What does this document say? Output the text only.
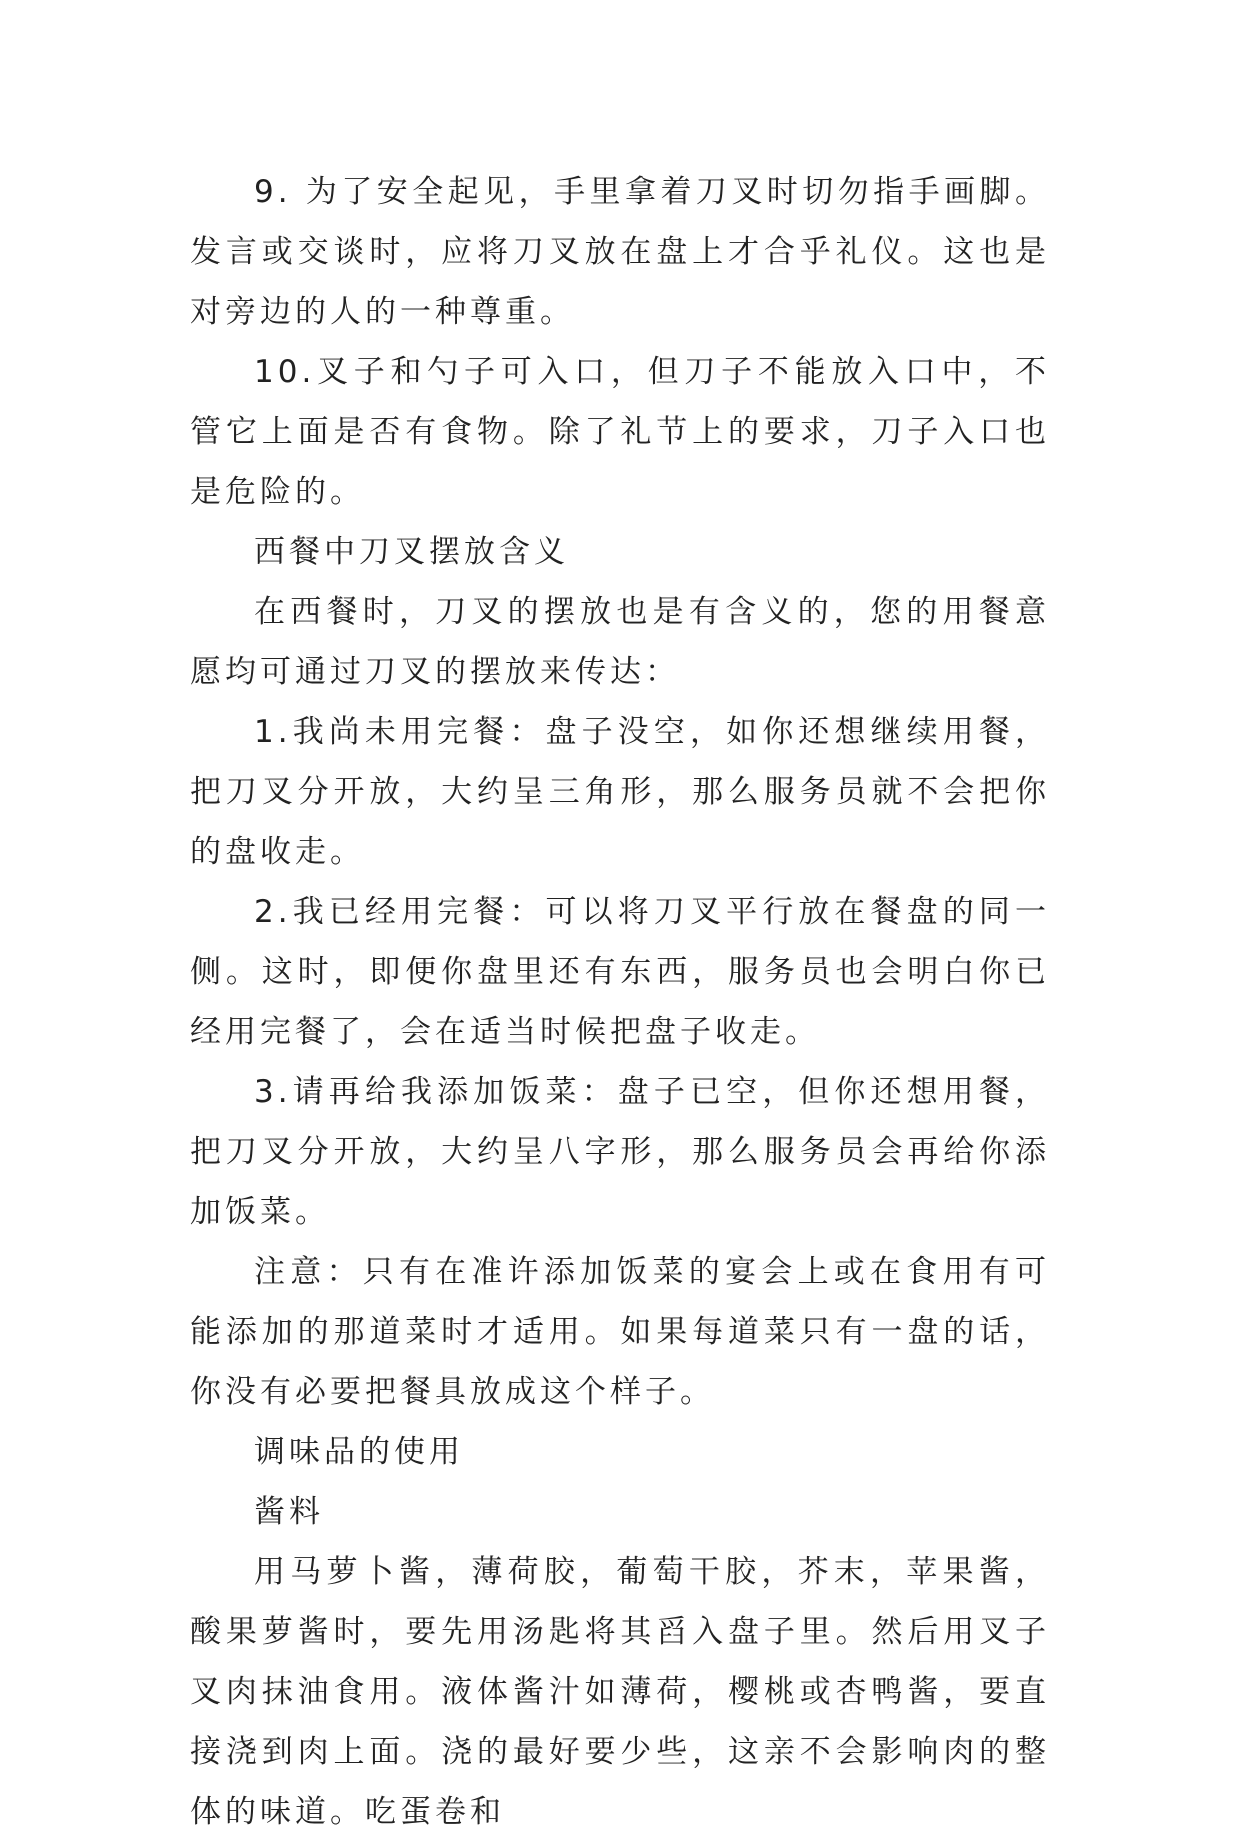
9. 为了安全起见，手里拿着刀叉时切勿指手画脚。发言或交谈时，应将刀叉放在盘上才合乎礼仪。这也是对旁边的人的一种尊重。

10.叉子和勺子可入口，但刀子不能放入口中，不管它上面是否有食物。除了礼节上的要求，刀子入口也是危险的。

西餐中刀叉摆放含义

在西餐时，刀叉的摆放也是有含义的，您的用餐意愿均可通过刀叉的摆放来传达：

1.我尚未用完餐：盘子没空，如你还想继续用餐，把刀叉分开放，大约呈三角形，那么服务员就不会把你的盘收走。

2.我已经用完餐：可以将刀叉平行放在餐盘的同一侧。这时，即便你盘里还有东西，服务员也会明白你已经用完餐了，会在适当时候把盘子收走。

3.请再给我添加饭菜：盘子已空，但你还想用餐，把刀叉分开放，大约呈八字形，那么服务员会再给你添加饭菜。

注意：只有在准许添加饭菜的宴会上或在食用有可能添加的那道菜时才适用。如果每道菜只有一盘的话，你没有必要把餐具放成这个样子。

调味品的使用

酱料

用马萝卜酱，薄荷胶，葡萄干胶，芥末，苹果酱，酸果萝酱时，要先用汤匙将其舀入盘子里。然后用叉子叉肉抹油食用。液体酱汁如薄荷，樱桃或杏鸭酱，要直接浇到肉上面。浇的最好要少些，这亲不会影响肉的整体的味道。吃蛋卷和
